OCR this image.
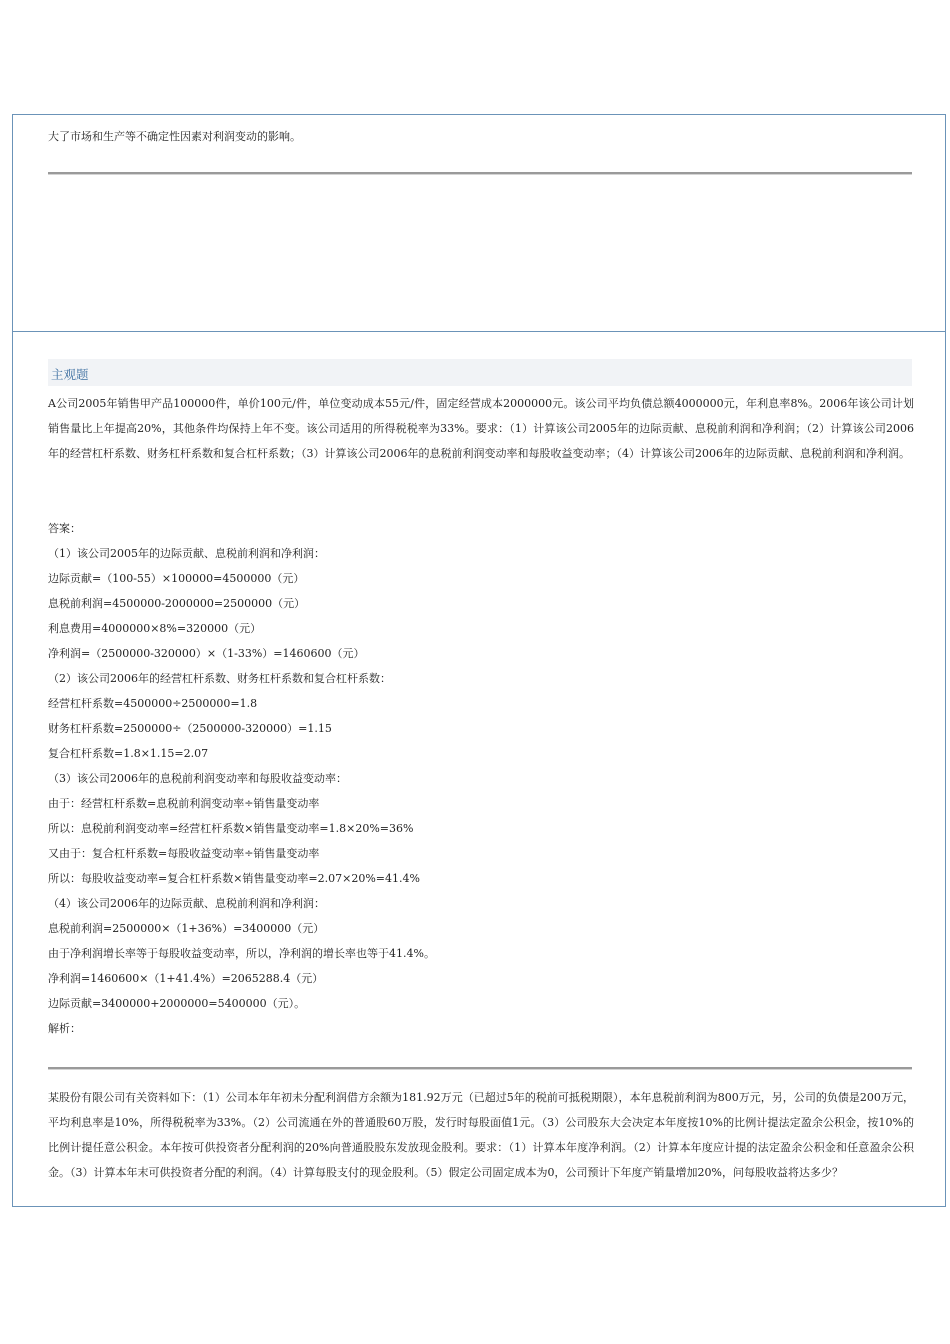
大了市场和生产等不确定性因素对利润变动的影响。
主观题
A公司2005年销售甲产品100000件，单价100元/件，单位变动成本55元/件，固定经营成本2000000元。该公司平均负债总额4000000元，年利息率8%。2006年该公司计划销售量比上年提高20%，其他条件均保持上年不变。该公司适用的所得税税率为33%。要求：（1）计算该公司2005年的边际贡献、息税前利润和净利润；（2）计算该公司2006年的经营杠杆系数、财务杠杆系数和复合杠杆系数；（3）计算该公司2006年的息税前利润变动率和每股收益变动率；（4）计算该公司2006年的边际贡献、息税前利润和净利润。
答案：
（1）该公司2005年的边际贡献、息税前利润和净利润：
边际贡献=（100-55）×100000=4500000（元）
息税前利润=4500000-2000000=2500000（元）
利息费用=4000000×8%=320000（元）
净利润=（2500000-320000）×（1-33%）=1460600（元）
（2）该公司2006年的经营杠杆系数、财务杠杆系数和复合杠杆系数：
经营杠杆系数=4500000÷2500000=1.8
财务杠杆系数=2500000÷（2500000-320000）=1.15
复合杠杆系数=1.8×1.15=2.07
（3）该公司2006年的息税前利润变动率和每股收益变动率：
由于：经营杠杆系数=息税前利润变动率÷销售量变动率
所以：息税前利润变动率=经营杠杆系数×销售量变动率=1.8×20%=36%
又由于：复合杠杆系数=每股收益变动率÷销售量变动率
所以：每股收益变动率=复合杠杆系数×销售量变动率=2.07×20%=41.4%
（4）该公司2006年的边际贡献、息税前利润和净利润：
息税前利润=2500000×（1+36%）=3400000（元）
由于净利润增长率等于每股收益变动率，所以，净利润的增长率也等于41.4%。
净利润=1460600×（1+41.4%）=2065288.4（元）
边际贡献=3400000+2000000=5400000（元）。
解析：
某股份有限公司有关资料如下：（1）公司本年年初未分配利润借方余额为181.92万元（已超过5年的税前可抵税期限），本年息税前利润为800万元，另，公司的负债是200万元，平均利息率是10%，所得税税率为33%。（2）公司流通在外的普通股60万股，发行时每股面值1元。（3）公司股东大会决定本年度按10%的比例计提法定盈余公积金，按10%的比例计提任意公积金。本年按可供投资者分配利润的20%向普通股股东发放现金股利。要求：（1）计算本年度净利润。（2）计算本年度应计提的法定盈余公积金和任意盈余公积金。（3）计算本年末可供投资者分配的利润。（4）计算每股支付的现金股利。（5）假定公司固定成本为0，公司预计下年度产销量增加20%，问每股收益将达多少？
